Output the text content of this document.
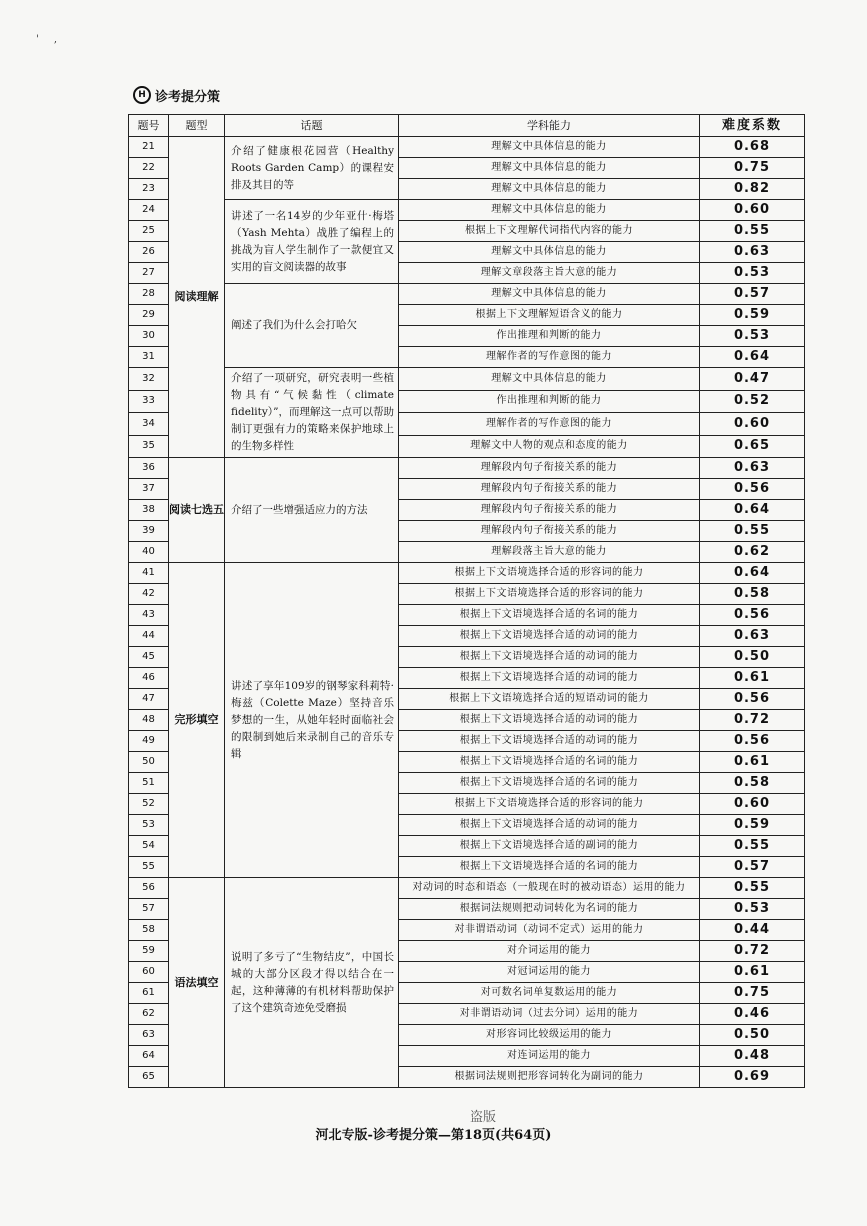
' ,
H 诊考提分策
题号	题型	话题	学科能力	难度系数
21	阅读理解	介绍了健康根花园营（Healthy Roots Garden Camp）的课程安排及其目的等	理解文中具体信息的能力	0.68
22			理解文中具体信息的能力	0.75
23			理解文中具体信息的能力	0.82
24		讲述了一名14岁的少年亚什·梅塔（Yash Mehta）战胜了编程上的挑战为盲人学生制作了一款便宜又实用的盲文阅读器的故事	理解文中具体信息的能力	0.60
25			根据上下文理解代词指代内容的能力	0.55
26			理解文中具体信息的能力	0.63
27			理解文章段落主旨大意的能力	0.53
28		阐述了我们为什么会打哈欠	理解文中具体信息的能力	0.57
29			根据上下文理解短语含义的能力	0.59
30			作出推理和判断的能力	0.53
31			理解作者的写作意图的能力	0.64
32		介绍了一项研究，研究表明一些植物具有“气候黏性（climate fidelity）”，而理解这一点可以帮助制订更强有力的策略来保护地球上的生物多样性	理解文中具体信息的能力	0.47
33			作出推理和判断的能力	0.52
34			理解作者的写作意图的能力	0.60
35			理解文中人物的观点和态度的能力	0.65
36	阅读七选五	介绍了一些增强适应力的方法	理解段内句子衔接关系的能力	0.63
37			理解段内句子衔接关系的能力	0.56
38			理解段内句子衔接关系的能力	0.64
39			理解段内句子衔接关系的能力	0.55
40			理解段落主旨大意的能力	0.62
41	完形填空	讲述了享年109岁的钢琴家科莉特·梅兹（Colette Maze）坚持音乐梦想的一生，从她年轻时面临社会的限制到她后来录制自己的音乐专辑	根据上下文语境选择合适的形容词的能力	0.64
42			根据上下文语境选择合适的形容词的能力	0.58
43			根据上下文语境选择合适的名词的能力	0.56
44			根据上下文语境选择合适的动词的能力	0.63
45			根据上下文语境选择合适的动词的能力	0.50
46			根据上下文语境选择合适的动词的能力	0.61
47			根据上下文语境选择合适的短语动词的能力	0.56
48			根据上下文语境选择合适的动词的能力	0.72
49			根据上下文语境选择合适的动词的能力	0.56
50			根据上下文语境选择合适的名词的能力	0.61
51			根据上下文语境选择合适的名词的能力	0.58
52			根据上下文语境选择合适的形容词的能力	0.60
53			根据上下文语境选择合适的动词的能力	0.59
54			根据上下文语境选择合适的副词的能力	0.55
55			根据上下文语境选择合适的名词的能力	0.57
56	语法填空	说明了多亏了“生物结皮”，中国长城的大部分区段才得以结合在一起，这种薄薄的有机材料帮助保护了这个建筑奇迹免受磨损	对动词的时态和语态（一般现在时的被动语态）运用的能力	0.55
57			根据词法规则把动词转化为名词的能力	0.53
58			对非谓语动词（动词不定式）运用的能力	0.44
59			对介词运用的能力	0.72
60			对冠词运用的能力	0.61
61			对可数名词单复数运用的能力	0.75
62			对非谓语动词（过去分词）运用的能力	0.46
63			对形容词比较级运用的能力	0.50
64			对连词运用的能力	0.48
65			根据词法规则把形容词转化为副词的能力	0.69
盗版
河北专版-诊考提分策—第18页(共64页)
